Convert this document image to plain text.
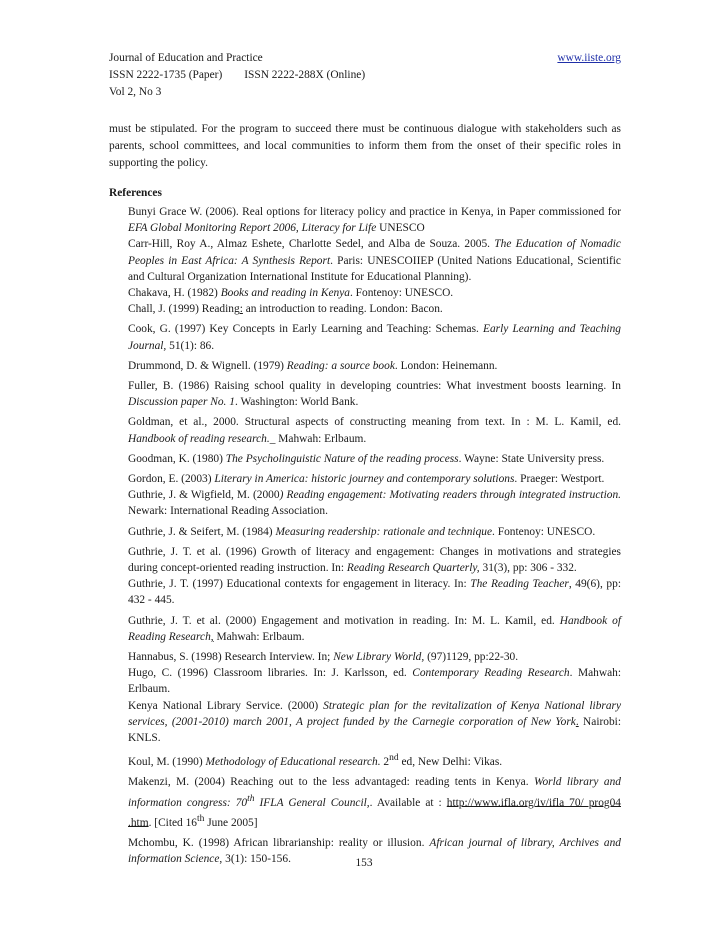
Journal of Education and Practice	www.iiste.org
ISSN 2222-1735 (Paper) ISSN 2222-288X (Online)
Vol 2, No 3
must be stipulated. For the program to succeed there must be continuous dialogue with stakeholders such as parents, school committees, and local communities to inform them from the onset of their specific roles in supporting the policy.
References

Bunyi Grace W. (2006). Real options for literacy policy and practice in Kenya, in Paper commissioned for EFA Global Monitoring Report 2006, Literacy for Life UNESCO

Carr-Hill, Roy A., Almaz Eshete, Charlotte Sedel, and Alba de Souza. 2005. The Education of Nomadic Peoples in East Africa: A Synthesis Report. Paris: UNESCOIIEP (United Nations Educational, Scientific and Cultural Organization International Institute for Educational Planning).

Chakava, H. (1982) Books and reading in Kenya. Fontenoy: UNESCO.

Chall, J. (1999) Reading: an introduction to reading. London: Bacon.

Cook, G. (1997) Key Concepts in Early Learning and Teaching: Schemas. Early Learning and Teaching Journal, 51(1): 86.

Drummond, D. & Wignell. (1979) Reading: a source book. London: Heinemann.

Fuller, B. (1986) Raising school quality in developing countries: What investment boosts learning. In Discussion paper No. 1. Washington: World Bank.

Goldman, et al., 2000. Structural aspects of constructing meaning from text. In : M. L. Kamil, ed. Handbook of reading research._ Mahwah: Erlbaum.

Goodman, K. (1980) The Psycholinguistic Nature of the reading process. Wayne: State University press.

Gordon, E. (2003) Literary in America: historic journey and contemporary solutions. Praeger: Westport.

Guthrie, J. & Wigfield, M. (2000) Reading engagement: Motivating readers through integrated instruction. Newark: International Reading Association.

Guthrie, J. & Seifert, M. (1984) Measuring readership: rationale and technique. Fontenoy: UNESCO.

Guthrie, J. T. et al. (1996) Growth of literacy and engagement: Changes in motivations and strategies during concept-oriented reading instruction. In: Reading Research Quarterly, 31(3), pp: 306 - 332.

Guthrie, J. T. (1997) Educational contexts for engagement in literacy. In: The Reading Teacher, 49(6), pp: 432 - 445.

Guthrie, J. T. et al. (2000) Engagement and motivation in reading. In: M. L. Kamil, ed. Handbook of Reading Research, Mahwah: Erlbaum.

Hannabus, S. (1998) Research Interview. In; New Library World, (97)1129, pp:22-30.

Hugo, C. (1996) Classroom libraries. In: J. Karlsson, ed. Contemporary Reading Research. Mahwah: Erlbaum.

Kenya National Library Service. (2000) Strategic plan for the revitalization of Kenya National library services, (2001-2010) march 2001, A project funded by the Carnegie corporation of New York. Nairobi: KNLS.

Koul, M. (1990) Methodology of Educational research. 2nd ed, New Delhi: Vikas.

Makenzi, M. (2004) Reaching out to the less advantaged: reading tents in Kenya. World library and information congress: 70th IFLA General Council,. Available at : http://www.ifla.org/iv/ifla 70/ prog04 .htm. [Cited 16th June 2005]

Mchombu, K. (1998) African librarianship: reality or illusion. African journal of library, Archives and information Science, 3(1): 150-156.	153
